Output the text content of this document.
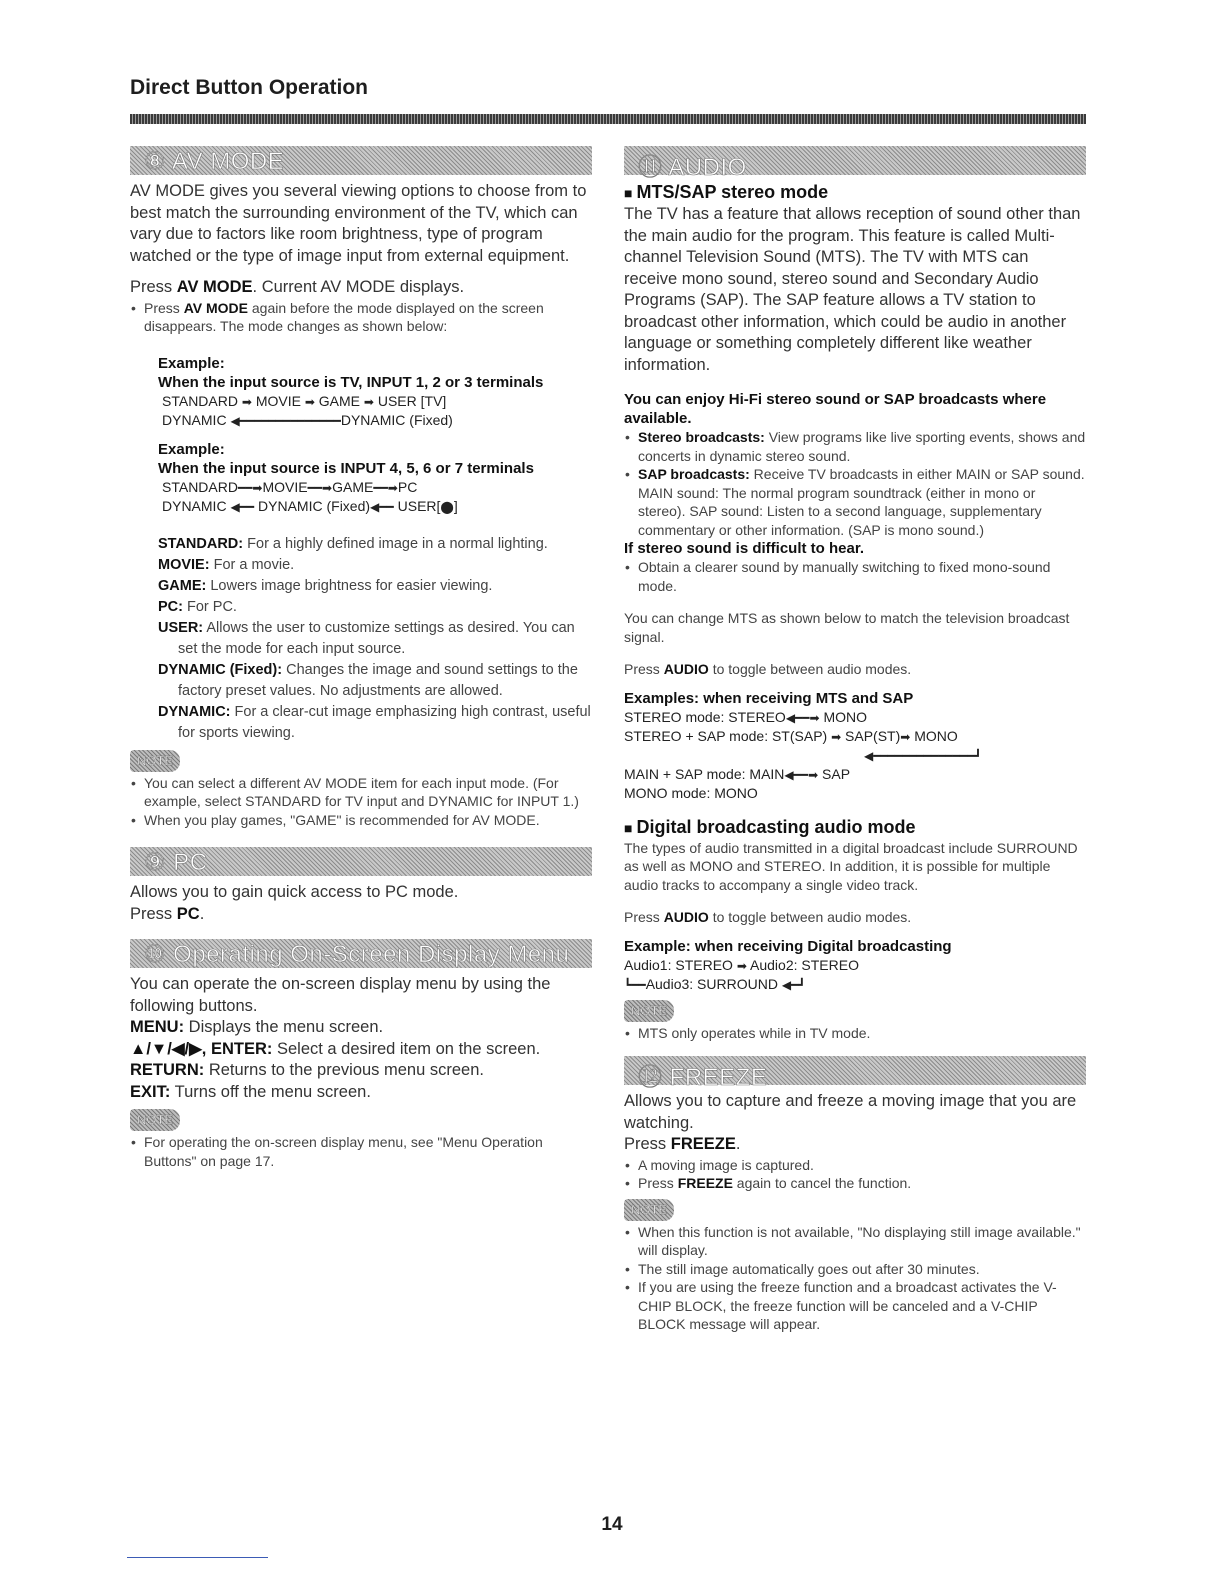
Direct Button Operation
⑧ AV MODE

AV MODE gives you several viewing options to choose from to best match the surrounding environment of the TV, which can vary due to factors like room brightness, type of program watched or the type of image input from external equipment.

Press AV MODE. Current AV MODE displays.

• Press AV MODE again before the mode displayed on the screen disappears. The mode changes as shown below:

Example:

When the input source is TV, INPUT 1, 2 or 3 terminals

STANDARD ➡ MOVIE ➡ GAME ➡ USER [TV]

DYNAMIC ◀━━━━━━━━━━━━━━DYNAMIC (Fixed)

Example:

When the input source is INPUT 4, 5, 6 or 7 terminals

STANDARD━━➡MOVIE━━➡GAME━━➡PC

DYNAMIC ◀━━ DYNAMIC (Fixed)◀━━ USER[⬤]

STANDARD: For a highly defined image in a normal lighting.

MOVIE: For a movie.

GAME: Lowers image brightness for easier viewing.

PC: For PC.

USER: Allows the user to customize settings as desired. You can set the mode for each input source.

DYNAMIC (Fixed): Changes the image and sound settings to the factory preset values. No adjustments are allowed.

DYNAMIC: For a clear-cut image emphasizing high contrast, useful for sports viewing.

NOTE

• You can select a different AV MODE item for each input mode. (For example, select STANDARD for TV input and DYNAMIC for INPUT 1.)

• When you play games, "GAME" is recommended for AV MODE.

⑨ PC

Allows you to gain quick access to PC mode.

Press PC.

⑩ Operating On-Screen Display Menu

You can operate the on-screen display menu by using the following buttons.

MENU: Displays the menu screen.

▲/▼/◀/▶, ENTER: Select a desired item on the screen.

RETURN: Returns to the previous menu screen.

EXIT: Turns off the menu screen.

NOTE

• For operating the on-screen display menu, see "Menu Operation Buttons" on page 17.

⑪ AUDIO

■ MTS/SAP stereo mode

The TV has a feature that allows reception of sound other than the main audio for the program. This feature is called Multi-channel Television Sound (MTS). The TV with MTS can receive mono sound, stereo sound and Secondary Audio Programs (SAP). The SAP feature allows a TV station to broadcast other information, which could be audio in another language or something completely different like weather information.

You can enjoy Hi-Fi stereo sound or SAP broadcasts where available.

• Stereo broadcasts: View programs like live sporting events, shows and concerts in dynamic stereo sound.

• SAP broadcasts: Receive TV broadcasts in either MAIN or SAP sound. MAIN sound: The normal program soundtrack (either in mono or stereo). SAP sound: Listen to a second language, supplementary commentary or other information. (SAP is mono sound.)

If stereo sound is difficult to hear.

• Obtain a clearer sound by manually switching to fixed mono-sound mode.

You can change MTS as shown below to match the television broadcast signal.

Press AUDIO to toggle between audio modes.

Examples: when receiving MTS and SAP

STEREO mode: STEREO◀━━➡ MONO

STEREO + SAP mode: ST(SAP) ➡ SAP(ST)➡ MONO

◀━━━━━━━━━━━━━━┛

MAIN + SAP mode: MAIN◀━━➡ SAP

MONO mode: MONO

■ Digital broadcasting audio mode

The types of audio transmitted in a digital broadcast include SURROUND as well as MONO and STEREO. In addition, it is possible for multiple audio tracks to accompany a single video track.

Press AUDIO to toggle between audio modes.

Example: when receiving Digital broadcasting

Audio1: STEREO ➡ Audio2: STEREO

┗━━Audio3: SURROUND ◀━┛

NOTE

• MTS only operates while in TV mode.

⑫ FREEZE

Allows you to capture and freeze a moving image that you are watching.

Press FREEZE.

• A moving image is captured.

• Press FREEZE again to cancel the function.

NOTE

• When this function is not available, "No displaying still image available." will display.

• The still image automatically goes out after 30 minutes.

• If you are using the freeze function and a broadcast activates the V-CHIP BLOCK, the freeze function will be canceled and a V-CHIP BLOCK message will appear.

14
